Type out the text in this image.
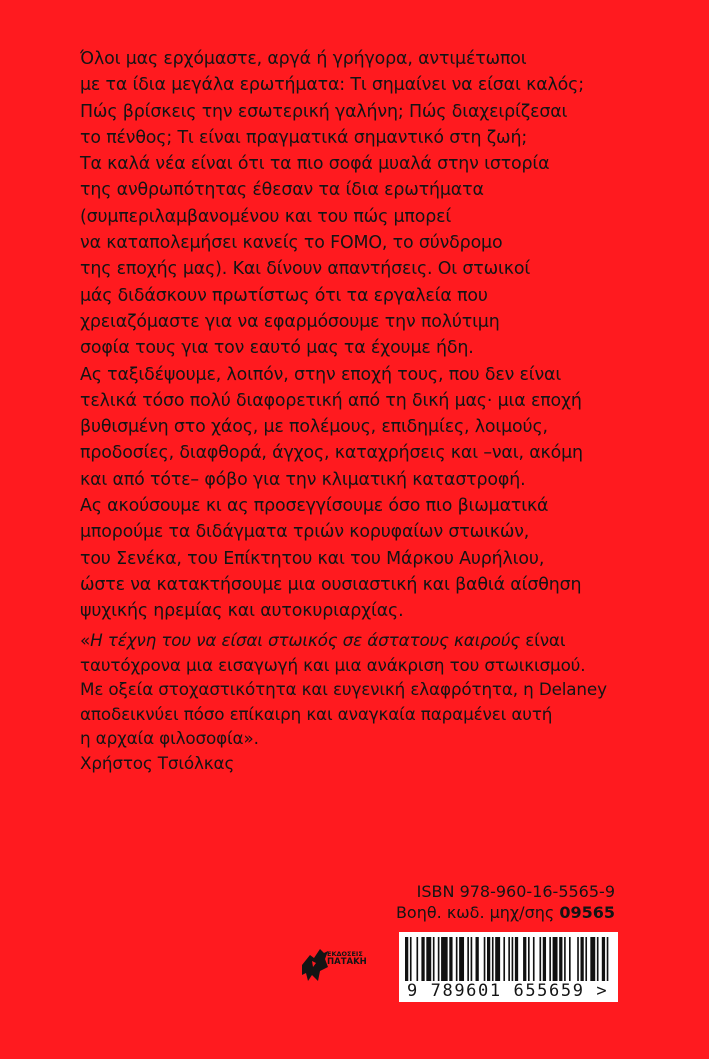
Όλοι μας ερχόμαστε, αργά ή γρήγορα, αντιμέτωποι
με τα ίδια μεγάλα ερωτήματα: Τι σημαίνει να είσαι καλός;
Πώς βρίσκεις την εσωτερική γαλήνη; Πώς διαχειρίζεσαι
το πένθος; Τι είναι πραγματικά σημαντικό στη ζωή;
Τα καλά νέα είναι ότι τα πιο σοφά μυαλά στην ιστορία
της ανθρωπότητας έθεσαν τα ίδια ερωτήματα
(συμπεριλαμβανομένου και του πώς μπορεί
να καταπολεμήσει κανείς το FOMO, το σύνδρομο
της εποχής μας). Και δίνουν απαντήσεις. Οι στωικοί
μάς διδάσκουν πρωτίστως ότι τα εργαλεία που
χρειαζόμαστε για να εφαρμόσουμε την πολύτιμη
σοφία τους για τον εαυτό μας τα έχουμε ήδη.
Ας ταξιδέψουμε, λοιπόν, στην εποχή τους, που δεν είναι
τελικά τόσο πολύ διαφορετική από τη δική μας· μια εποχή
βυθισμένη στο χάος, με πολέμους, επιδημίες, λοιμούς,
προδοσίες, διαφθορά, άγχος, καταχρήσεις και –ναι, ακόμη
και από τότε– φόβο για την κλιματική καταστροφή.
Ας ακούσουμε κι ας προσεγγίσουμε όσο πιο βιωματικά
μπορούμε τα διδάγματα τριών κορυφαίων στωικών,
του Σενέκα, του Επίκτητου και του Μάρκου Αυρήλιου,
ώστε να κατακτήσουμε μια ουσιαστική και βαθιά αίσθηση
ψυχικής ηρεμίας και αυτοκυριαρχίας.
«Η τέχνη του να είσαι στωικός σε άστατους καιρούς είναι
ταυτόχρονα μια εισαγωγή και μια ανάκριση του στωικισμού.
Με οξεία στοχαστικότητα και ευγενική ελαφρότητα, η Delaney
αποδεικνύει πόσο επίκαιρη και αναγκαία παραμένει αυτή
η αρχαία φιλοσοφία».
Χρήστος Τσιόλκας
ISBN 978-960-16-5565-9
Βοηθ. κωδ. μηχ/σης 09565
ΕΚΔΟΣΕΙΣ
ΠΑΤΑΚΗ
9 789601 655659 >
